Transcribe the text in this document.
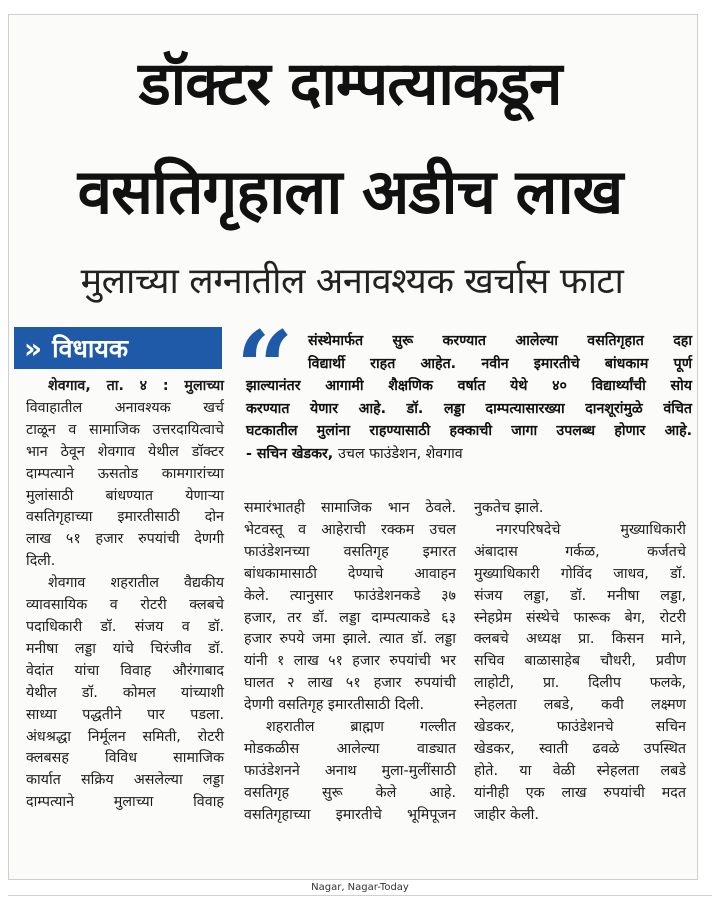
डॉक्टर दाम्पत्याकडून
वसतिगृहाला अडीच लाख
मुलाच्या लग्नातील अनावश्यक खर्चास फाटा
» विधायक “	संस्थेमार्फत सुरू करण्यात आलेल्या वसतिगृहात दहा

विद्यार्थी राहत आहेत. नवीन इमारतीचे बांधकाम पूर्ण

झाल्यानंतर आगामी शैक्षणिक वर्षात येथे ४० विद्यार्थ्यांची सोय

करण्यात येणार आहे. डॉ. लड्डा दाम्पत्यासारख्या दानशूरांमुळे वंचित

घटकातील मुलांना राहण्यासाठी हक्काची जागा उपलब्ध होणार आहे.

- सचिन खेडकर, उचल फाउंडेशन, शेवगाव

शेवगाव, ता. ४ : मुलाच्या

विवाहातील अनावश्यक खर्च

टाळून व सामाजिक उत्तरदायित्वाचे

भान ठेवून शेवगाव येथील डॉक्टर

दाम्पत्याने ऊसतोड कामगारांच्या

मुलांसाठी बांधण्यात येणाऱ्या

वसतिगृहाच्या इमारतीसाठी दोन

लाख ५१ हजार रुपयांची देणगी

दिली.

शेवगाव शहरातील वैद्यकीय

व्यावसायिक व रोटरी क्लबचे

पदाधिकारी डॉ. संजय व डॉ.

मनीषा लड्डा यांचे चिरंजीव डॉ.

वेदांत यांचा विवाह औरंगाबाद

येथील डॉ. कोमल यांच्याशी

साध्या पद्धतीने पार पडला.

अंधश्रद्धा निर्मूलन समिती, रोटरी

क्लबसह विविध सामाजिक

कार्यात सक्रिय असलेल्या लड्डा

दाम्पत्याने मुलाच्या विवाह

समारंभातही सामाजिक भान ठेवले.

भेटवस्तू व आहेराची रक्कम उचल

फाउंडेशनच्या वसतिगृह इमारत

बांधकामासाठी देण्याचे आवाहन

केले. त्यानुसार फाउंडेशनकडे ३७

हजार, तर डॉ. लड्डा दाम्पत्याकडे ६३

हजार रुपये जमा झाले. त्यात डॉ. लड्डा

यांनी १ लाख ५१ हजार रुपयांची भर

घालत २ लाख ५१ हजार रुपयांची

देणगी वसतिगृह इमारतीसाठी दिली.

शहरातील ब्राह्मण गल्लीत

मोडकळीस आलेल्या वाड्यात

फाउंडेशनने अनाथ मुला-मुलींसाठी

वसतिगृह सुरू केले आहे.

वसतिगृहाच्या इमारतीचे भूमिपूजन

नुकतेच झाले.

नगरपरिषदेचे मुख्याधिकारी

अंबादास गर्कळ, कर्जतचे

मुख्याधिकारी गोविंद जाधव, डॉ.

संजय लड्डा, डॉ. मनीषा लड्डा,

स्नेहप्रेम संस्थेचे फारूक बेग, रोटरी

क्लबचे अध्यक्ष प्रा. किसन माने,

सचिव बाळासाहेब चौधरी, प्रवीण

लाहोटी, प्रा. दिलीप फलके,

स्नेहलता लबडे, कवी लक्ष्मण

खेडकर, फाउंडेशनचे सचिन

खेडकर, स्वाती ढवळे उपस्थित

होते. या वेळी स्नेहलता लबडे

यांनीही एक लाख रुपयांची मदत

जाहीर केली.

Nagar, Nagar-Today
